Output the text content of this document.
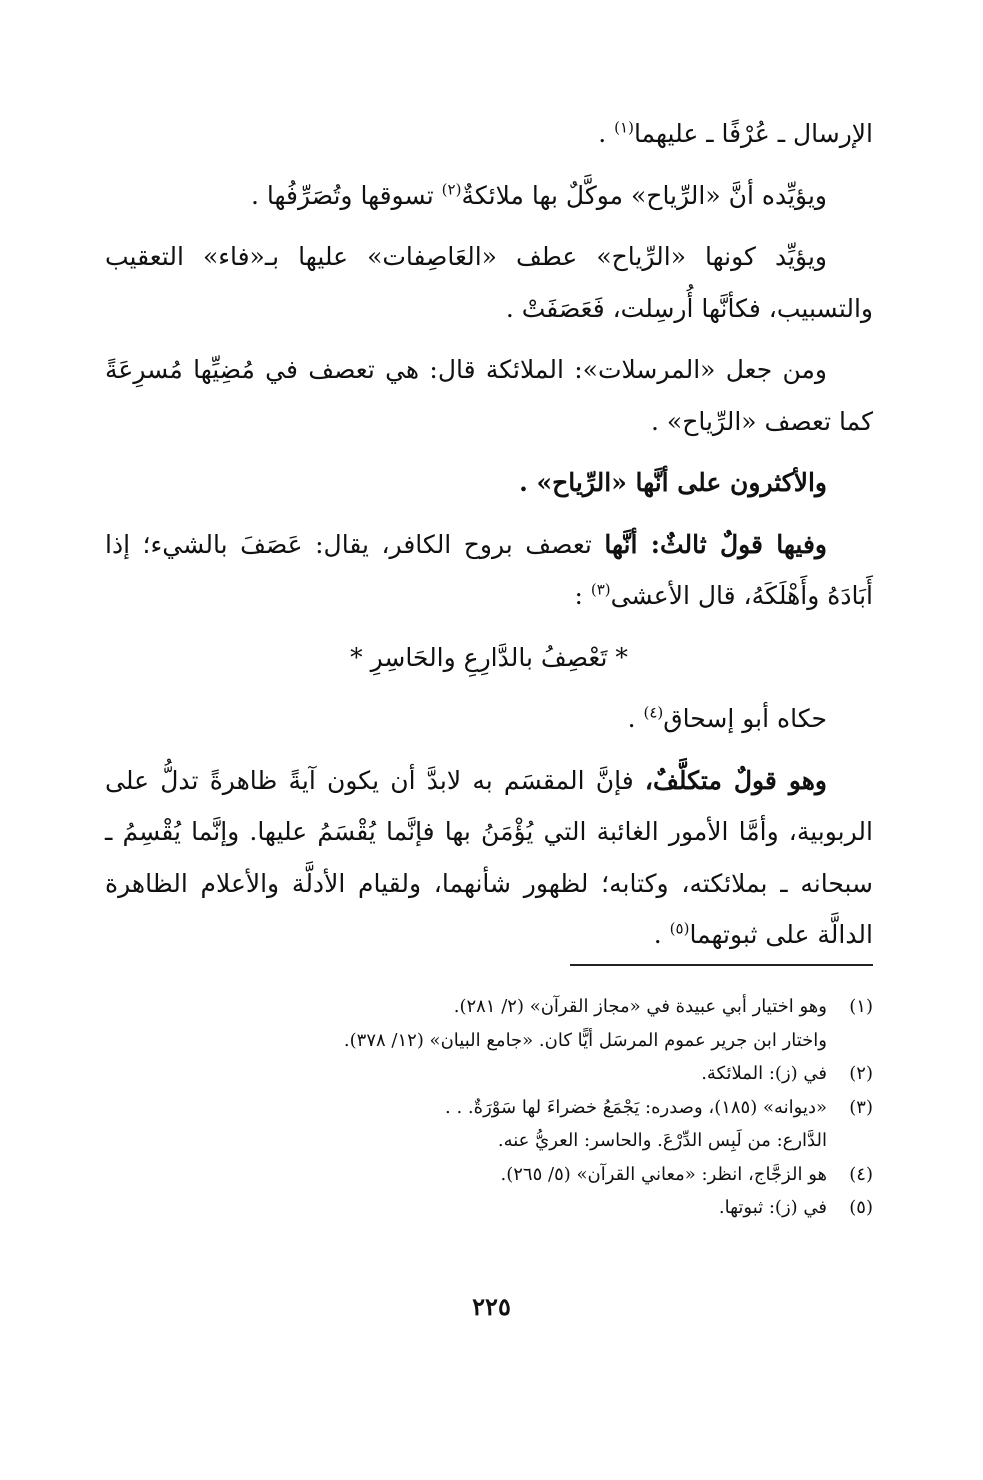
الإرسال ـ عُرْفًا ـ عليهما$^{(١)}$ .

ويؤيِّده أنَّ «الرِّياح» موكَّلٌ بها ملائكةٌ$^{(٢)}$ تسوقها وتُصَرِّفُها .

ويؤيِّد كونها «الرِّياح» عطف «العَاصِفات» عليها بـ«فاء» التعقيب والتسبيب، فكأنَّها أُرسِلت، فَعَصَفَتْ .

ومن جعل «المرسلات»: الملائكة قال: هي تعصف في مُضِيِّها مُسرِعَةً كما تعصف «الرِّياح» .

والأكثرون على أنَّها «الرِّياح» .

وفيها قولٌ ثالثٌ: أنَّها تعصف بروح الكافر، يقال: عَصَفَ بالشيء؛ إذا أَبَادَهُ وأَهْلَكَهُ، قال الأعشى$^{(٣)}$ :

* تَعْصِفُ بالدَّارِعِ والحَاسِرِ *

حكاه أبو إسحاق$^{(٤)}$ .

وهو قولٌ متكلَّفٌ، فإنَّ المقسَم به لابدَّ أن يكون آيةً ظاهرةً تدلُّ على الربوبية، وأمَّا الأمور الغائبة التي يُؤْمَنُ بها فإنَّما يُقْسَمُ عليها. وإنَّما يُقْسِمُ ـ سبحانه ـ بملائكته، وكتابه؛ لظهور شأنهما، ولقيام الأدلَّة والأعلام الظاهرة الدالَّة على ثبوتهما$^{(٥)}$ .

(١)
وهو اختيار أبي عبيدة في «مجاز القرآن» (٢/ ٢٨١).
واختار ابن جرير عموم المرسَل أيًّا كان. «جامع البيان» (١٢/ ٣٧٨).
(٢)
في (ز): الملائكة.
(٣)
«ديوانه» (١٨٥)، وصدره: يَجْمَعُ خضراءَ لها سَوْرَةٌ. . .
الدَّارع: من لَبِس الدِّرْعَ. والحاسر: العريُّ عنه.
(٤)
هو الزجَّاج، انظر: «معاني القرآن» (٥/ ٢٦٥).
(٥)
في (ز): ثبوتها.
٢٢٥
